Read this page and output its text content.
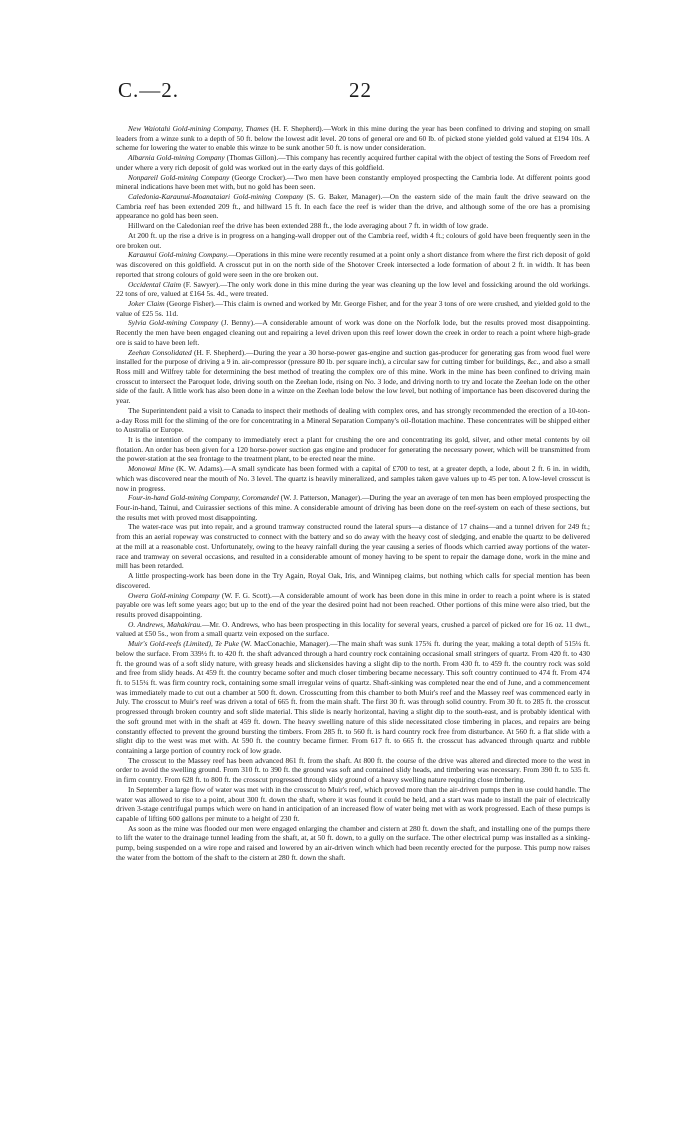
C.—2.	22

New Waiotahi Gold-mining Company, Thames (H. F. Shepherd).—Work in this mine during the year has been confined to driving and stoping on small leaders from a winze sunk to a depth of 50 ft. below the lowest adit level. 20 tons of general ore and 60 lb. of picked stone yielded gold valued at £194 10s. A scheme for lowering the water to enable this winze to be sunk another 50 ft. is now under consideration.

Albarnia Gold-mining Company (Thomas Gillon).—This company has recently acquired further capital with the object of testing the Sons of Freedom reef under where a very rich deposit of gold was worked out in the early days of this goldfield.

Nonpareil Gold-mining Company (George Crocker).—Two men have been constantly employed prospecting the Cambria lode. At different points good mineral indications have been met with, but no gold has been seen.

Caledonia-Karaunui-Moanataiari Gold-mining Company (S. G. Baker, Manager).—On the eastern side of the main fault the drive seaward on the Cambria reef has been extended 209 ft., and hillward 15 ft. In each face the reef is wider than the drive, and although some of the ore has a promising appearance no gold has been seen.

Hillward on the Caledonian reef the drive has been extended 288 ft., the lode averaging about 7 ft. in width of low grade.

At 200 ft. up the rise a drive is in progress on a hanging-wall dropper out of the Cambria reef, width 4 ft.; colours of gold have been frequently seen in the ore broken out.

Karaunui Gold-mining Company.—Operations in this mine were recently resumed at a point only a short distance from where the first rich deposit of gold was discovered on this goldfield. A crosscut put in on the north side of the Shotover Creek intersected a lode formation of about 2 ft. in width. It has been reported that strong colours of gold were seen in the ore broken out.

Occidental Claim (F. Sawyer).—The only work done in this mine during the year was cleaning up the low level and fossicking around the old workings. 22 tons of ore, valued at £164 5s. 4d., were treated.

Joker Claim (George Fisher).—This claim is owned and worked by Mr. George Fisher, and for the year 3 tons of ore were crushed, and yielded gold to the value of £25 5s. 11d.

Sylvia Gold-mining Company (J. Benny).—A considerable amount of work was done on the Norfolk lode, but the results proved most disappointing. Recently the men have been engaged cleaning out and repairing a level driven upon this reef lower down the creek in order to reach a point where high-grade ore is said to have been left.

Zeehan Consolidated (H. F. Shepherd).—During the year a 30 horse-power gas-engine and suction gas-producer for generating gas from wood fuel were installed for the purpose of driving a 9 in. air-compressor (pressure 80 lb. per square inch), a circular saw for cutting timber for buildings, &c., and also a small Ross mill and Wilfrey table for determining the best method of treating the complex ore of this mine. Work in the mine has been confined to driving main crosscut to intersect the Paroquet lode, driving south on the Zeehan lode, rising on No. 3 lode, and driving north to try and locate the Zeehan lode on the other side of the fault. A little work has also been done in a winze on the Zeehan lode below the low level, but nothing of importance has been discovered during the year.

The Superintendent paid a visit to Canada to inspect their methods of dealing with complex ores, and has strongly recommended the erection of a 10-ton-a-day Ross mill for the sliming of the ore for concentrating in a Mineral Separation Company's oil-flotation machine. These concentrates will be shipped either to Australia or Europe.

It is the intention of the company to immediately erect a plant for crushing the ore and concentrating its gold, silver, and other metal contents by oil flotation. An order has been given for a 120 horse-power suction gas engine and producer for generating the necessary power, which will be transmitted from the power-station at the sea frontage to the treatment plant, to be erected near the mine.

Monowai Mine (K. W. Adams).—A small syndicate has been formed with a capital of £700 to test, at a greater depth, a lode, about 2 ft. 6 in. in width, which was discovered near the mouth of No. 3 level. The quartz is heavily mineralized, and samples taken gave values up to 45 per ton. A low-level crosscut is now in progress.

Four-in-hand Gold-mining Company, Coromandel (W. J. Patterson, Manager).—During the year an average of ten men has been employed prospecting the Four-in-hand, Tainui, and Cuirassier sections of this mine. A considerable amount of driving has been done on the reef-system on each of these sections, but the results met with proved most disappointing.

The water-race was put into repair, and a ground tramway constructed round the lateral spurs—a distance of 17 chains—and a tunnel driven for 249 ft.; from this an aerial ropeway was constructed to connect with the battery and so do away with the heavy cost of sledging, and enable the quartz to be delivered at the mill at a reasonable cost. Unfortunately, owing to the heavy rainfall during the year causing a series of floods which carried away portions of the water-race and tramway on several occasions, and resulted in a considerable amount of money having to be spent to repair the damage done, work in the mine and mill has been retarded.

A little prospecting-work has been done in the Try Again, Royal Oak, Iris, and Winnipeg claims, but nothing which calls for special mention has been discovered.

Owera Gold-mining Company (W. F. G. Scott).—A considerable amount of work has been done in this mine in order to reach a point where is is stated payable ore was left some years ago; but up to the end of the year the desired point had not been reached. Other portions of this mine were also tried, but the results proved disappointing.

O. Andrews, Mahakirau.—Mr. O. Andrews, who has been prospecting in this locality for several years, crushed a parcel of picked ore for 16 oz. 11 dwt., valued at £50 5s., won from a small quartz vein exposed on the surface.

Muir's Gold-reefs (Limited), Te Puke (W. MacConachie, Manager).—The main shaft was sunk 175¾ ft. during the year, making a total depth of 515¼ ft. below the surface. From 339½ ft. to 420 ft. the shaft advanced through a hard country rock containing occasional small stringers of quartz. From 420 ft. to 430 ft. the ground was of a soft slidy nature, with greasy heads and slickensides having a slight dip to the north. From 430 ft. to 459 ft. the country rock was sold and free from slidy heads. At 459 ft. the country became softer and much closer timbering became necessary. This soft country continued to 474 ft. From 474 ft. to 515¼ ft. was firm country rock, containing some small irregular veins of quartz. Shaft-sinking was completed near the end of June, and a commencement was immediately made to cut out a chamber at 500 ft. down. Crosscutting from this chamber to both Muir's reef and the Massey reef was commenced early in July. The crosscut to Muir's reef was driven a total of 665 ft. from the main shaft. The first 30 ft. was through solid country. From 30 ft. to 285 ft. the crosscut progressed through broken country and soft slide material. This slide is nearly horizontal, having a slight dip to the south-east, and is probably identical with the soft ground met with in the shaft at 459 ft. down. The heavy swelling nature of this slide necessitated close timbering in places, and repairs are being constantly effected to prevent the ground bursting the timbers. From 285 ft. to 560 ft. is hard country rock free from disturbance. At 560 ft. a flat slide with a slight dip to the west was met with. At 590 ft. the country became firmer. From 617 ft. to 665 ft. the crosscut has advanced through quartz and rubble containing a large portion of country rock of low grade.

The crosscut to the Massey reef has been advanced 861 ft. from the shaft. At 800 ft. the course of the drive was altered and directed more to the west in order to avoid the swelling ground. From 310 ft. to 390 ft. the ground was soft and contained slidy heads, and timbering was necessary. From 390 ft. to 535 ft. in firm country. From 628 ft. to 800 ft. the crosscut progressed through slidy ground of a heavy swelling nature requiring close timbering.

In September a large flow of water was met with in the crosscut to Muir's reef, which proved more than the air-driven pumps then in use could handle. The water was allowed to rise to a point, about 300 ft. down the shaft, where it was found it could be held, and a start was made to install the pair of electrically driven 3-stage centrifugal pumps which were on hand in anticipation of an increased flow of water being met with as work progressed. Each of these pumps is capable of lifting 600 gallons per minute to a height of 230 ft.

As soon as the mine was flooded our men were engaged enlarging the chamber and cistern at 280 ft. down the shaft, and installing one of the pumps there to lift the water to the drainage tunnel leading from the shaft, at, at 50 ft. down, to a gully on the surface. The other electrical pump was installed as a sinking-pump, being suspended on a wire rope and raised and lowered by an air-driven winch which had been recently erected for the purpose. This pump now raises the water from the bottom of the shaft to the cistern at 280 ft. down the shaft.
